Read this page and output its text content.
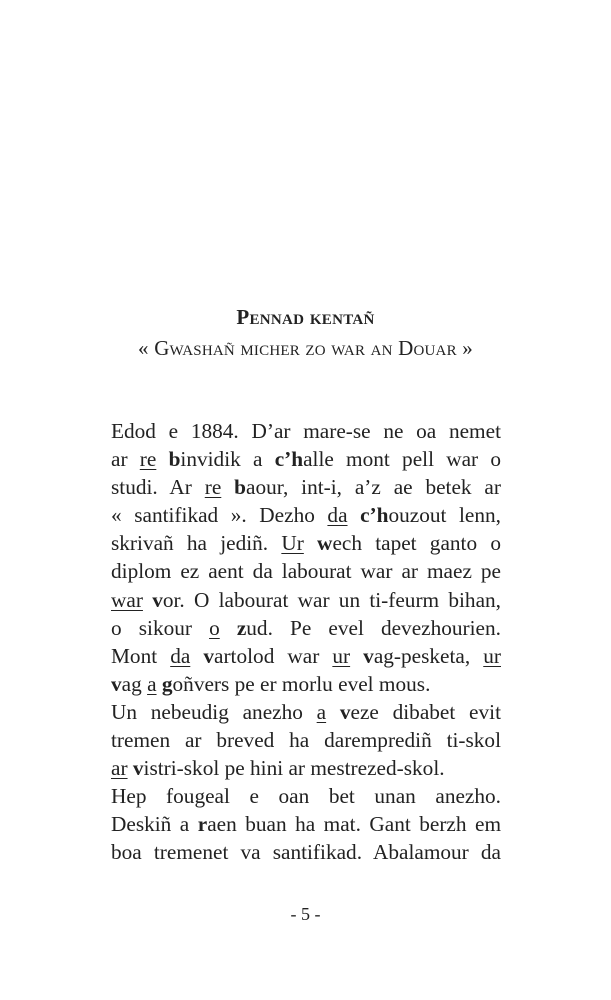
Pennad kentañ
« Gwashañ micher zo war an Douar »
Edod e 1884. D’ar mare-se ne oa nemet
ar re binvidik a c’halle mont pell war o
studi. Ar re baour, int-i, a’z ae betek ar
« santifikad ». Dezho da c’houzout lenn,
skrivañ ha jediñ. Ur wech tapet ganto o
diplom ez aent da labourat war ar maez pe
war vor. O labourat war un ti-feurm bihan,
o sikour o zud. Pe evel devezhourien.
Mont da vartolod war ur vag-pesketa, ur
vag a goñvers pe er morlu evel mous.
Un nebeudig anezho a veze dibabet evit
tremen ar breved ha daremprediñ ti-skol
ar vistri-skol pe hini ar mestrezed-skol.
Hep fougeal e oan bet unan anezho.
Deskiñ a raen buan ha mat. Gant berzh em
boa tremenet va santifikad. Abalamour da
- 5 -
